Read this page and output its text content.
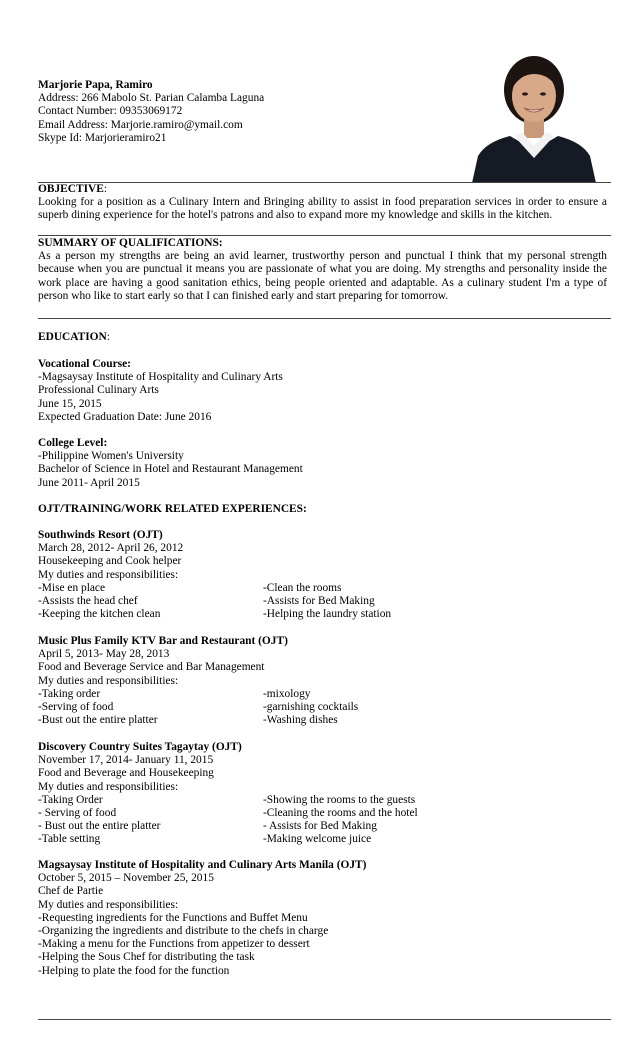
Marjorie Papa, Ramiro
Address: 266 Mabolo St. Parian Calamba Laguna
Contact Number: 09353069172
Email Address: Marjorie.ramiro@ymail.com
Skype Id: Marjorieramiro21
OBJECTIVE:
Looking for a position as a Culinary Intern and Bringing ability to assist in food preparation services in order to ensure a superb dining experience for the hotel's patrons and also to expand more my knowledge and skills in the kitchen.
SUMMARY OF QUALIFICATIONS:
As a person my strengths are being an avid learner, trustworthy person and punctual I think that my personal strength because when you are punctual it means you are passionate of what you are doing. My strengths and personality inside the work place are having a good sanitation ethics, being people oriented and adaptable. As a culinary student I'm a type of person who like to start early so that I can finished early and start preparing for tomorrow.
EDUCATION:
Vocational Course:
-Magsaysay Institute of Hospitality and Culinary Arts
Professional Culinary Arts
June 15, 2015
Expected Graduation Date: June 2016
College Level:
-Philippine Women's University
Bachelor of Science in Hotel and Restaurant Management
June 2011- April 2015
OJT/TRAINING/WORK RELATED EXPERIENCES:
Southwinds Resort (OJT)
March 28, 2012- April 26, 2012
Housekeeping and Cook helper
My duties and responsibilities:
-Mise en place	-Clean the rooms
-Assists the head chef	-Assists for Bed Making
-Keeping the kitchen clean	-Helping the laundry station
Music Plus Family KTV Bar and Restaurant (OJT)
April 5, 2013- May 28, 2013
Food and Beverage Service and Bar Management
My duties and responsibilities:
-Taking order	-mixology
-Serving of food	-garnishing cocktails
-Bust out the entire platter	-Washing dishes
Discovery Country Suites Tagaytay (OJT)
November 17, 2014- January 11, 2015
Food and Beverage and Housekeeping
My duties and responsibilities:
-Taking Order	-Showing the rooms to the guests
- Serving of food	-Cleaning the rooms and the hotel
- Bust out the entire platter	- Assists for Bed Making
-Table setting	-Making welcome juice
Magsaysay Institute of Hospitality and Culinary Arts Manila (OJT)
October 5, 2015 – November 25, 2015
Chef de Partie
My duties and responsibilities:
-Requesting ingredients for the Functions and Buffet Menu
-Organizing the ingredients and distribute to the chefs in charge
-Making a menu for the Functions from appetizer to dessert
-Helping the Sous Chef for distributing the task
-Helping to plate the food for the function
